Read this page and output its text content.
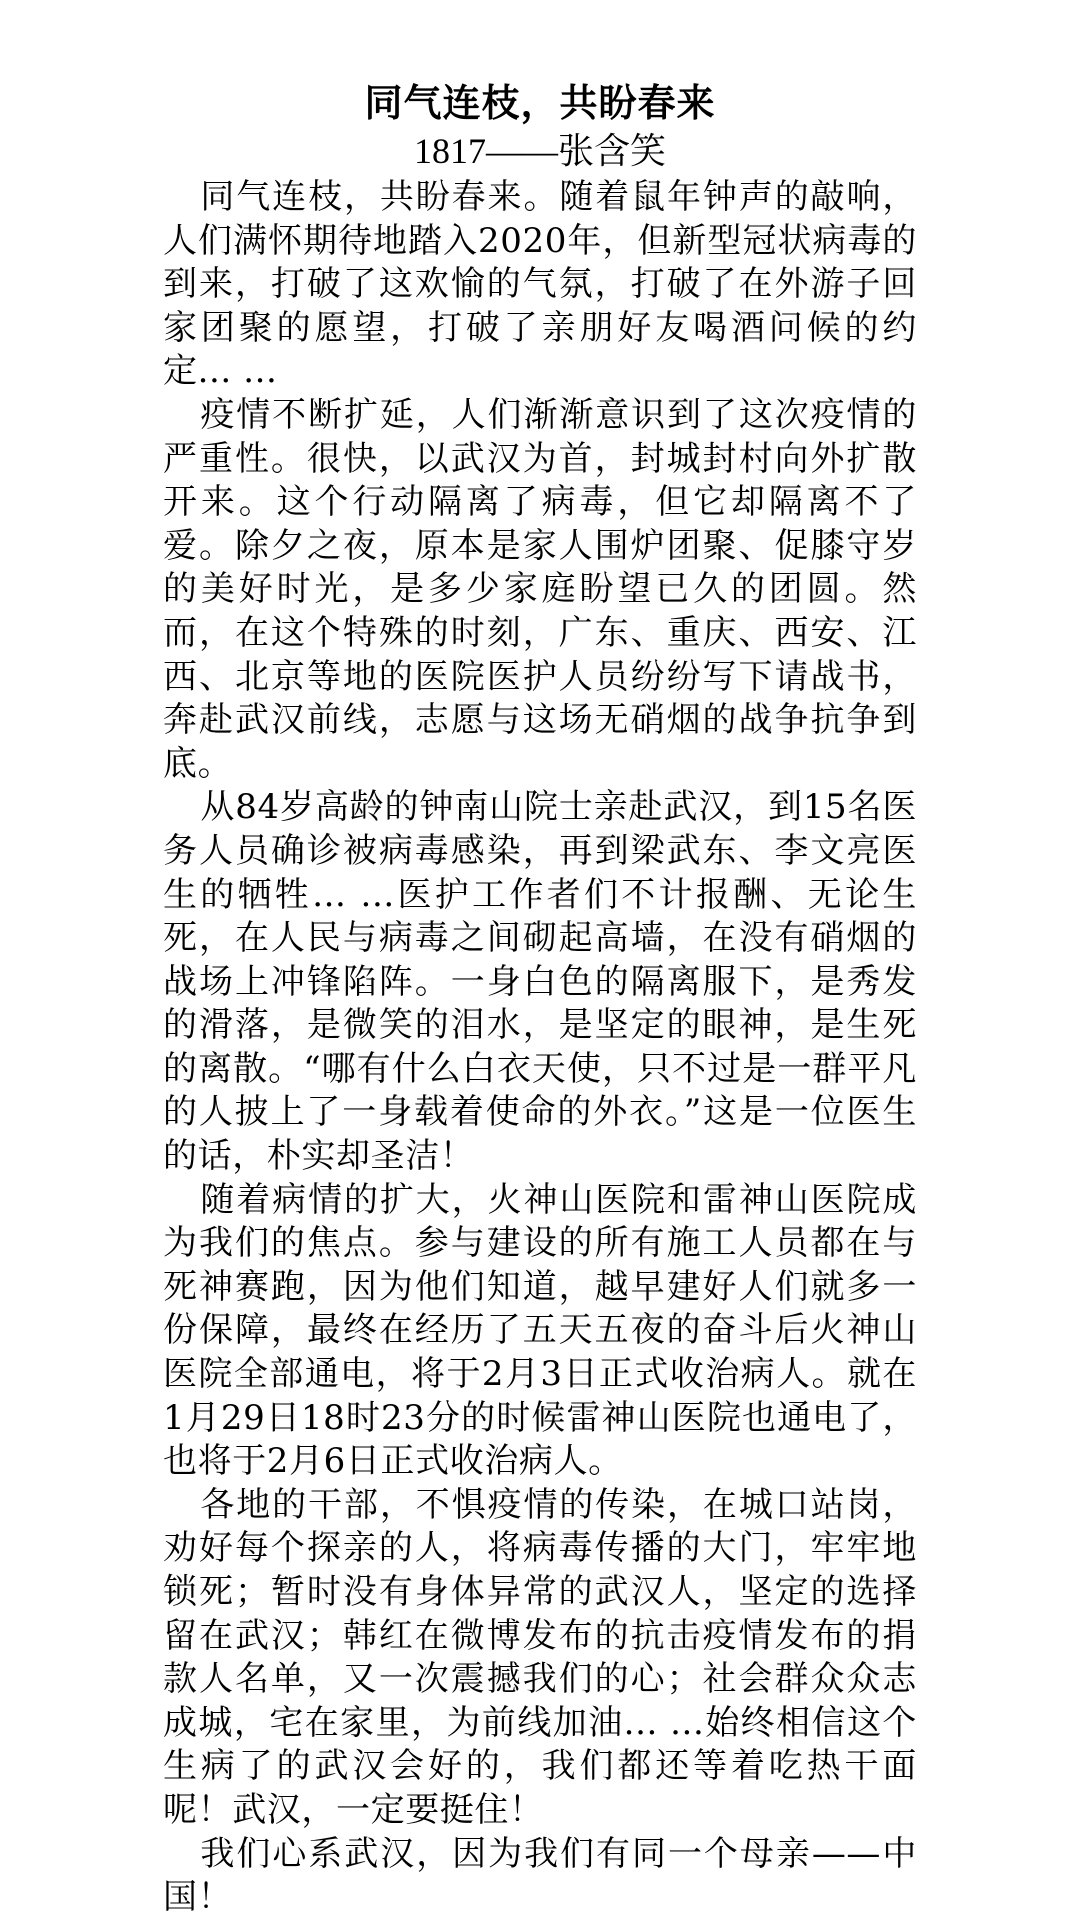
同气连枝，共盼春来
1817——张含笑

同气连枝，共盼春来。随着鼠年钟声的敲响，人们满怀期待地踏入2020年，但新型冠状病毒的到来，打破了这欢愉的气氛，打破了在外游子回家团聚的愿望，打破了亲朋好友喝酒问候的约定... ...

疫情不断扩延，人们渐渐意识到了这次疫情的严重性。很快，以武汉为首，封城封村向外扩散开来。这个行动隔离了病毒，但它却隔离不了爱。除夕之夜，原本是家人围炉团聚、促膝守岁的美好时光，是多少家庭盼望已久的团圆。然而，在这个特殊的时刻，广东、重庆、西安、江西、北京等地的医院医护人员纷纷写下请战书，奔赴武汉前线，志愿与这场无硝烟的战争抗争到底。

从84岁高龄的钟南山院士亲赴武汉，到15名医务人员确诊被病毒感染，再到梁武东、李文亮医生的牺牲... ...医护工作者们不计报酬、无论生死，在人民与病毒之间砌起高墙，在没有硝烟的战场上冲锋陷阵。一身白色的隔离服下，是秀发的滑落，是微笑的泪水，是坚定的眼神，是生死的离散。“哪有什么白衣天使，只不过是一群平凡的人披上了一身载着使命的外衣。”这是一位医生的话，朴实却圣洁！

随着病情的扩大，火神山医院和雷神山医院成为我们的焦点。参与建设的所有施工人员都在与死神赛跑，因为他们知道，越早建好人们就多一份保障，最终在经历了五天五夜的奋斗后火神山医院全部通电，将于2月3日正式收治病人。就在1月29日18时23分的时候雷神山医院也通电了，也将于2月6日正式收治病人。

各地的干部，不惧疫情的传染，在城口站岗，劝好每个探亲的人，将病毒传播的大门，牢牢地锁死；暂时没有身体异常的武汉人，坚定的选择留在武汉；韩红在微博发布的抗击疫情发布的捐款人名单，又一次震撼我们的心；社会群众众志成城，宅在家里，为前线加油... ...始终相信这个生病了的武汉会好的，我们都还等着吃热干面呢！武汉，一定要挺住！

我们心系武汉，因为我们有同一个母亲——中国！
